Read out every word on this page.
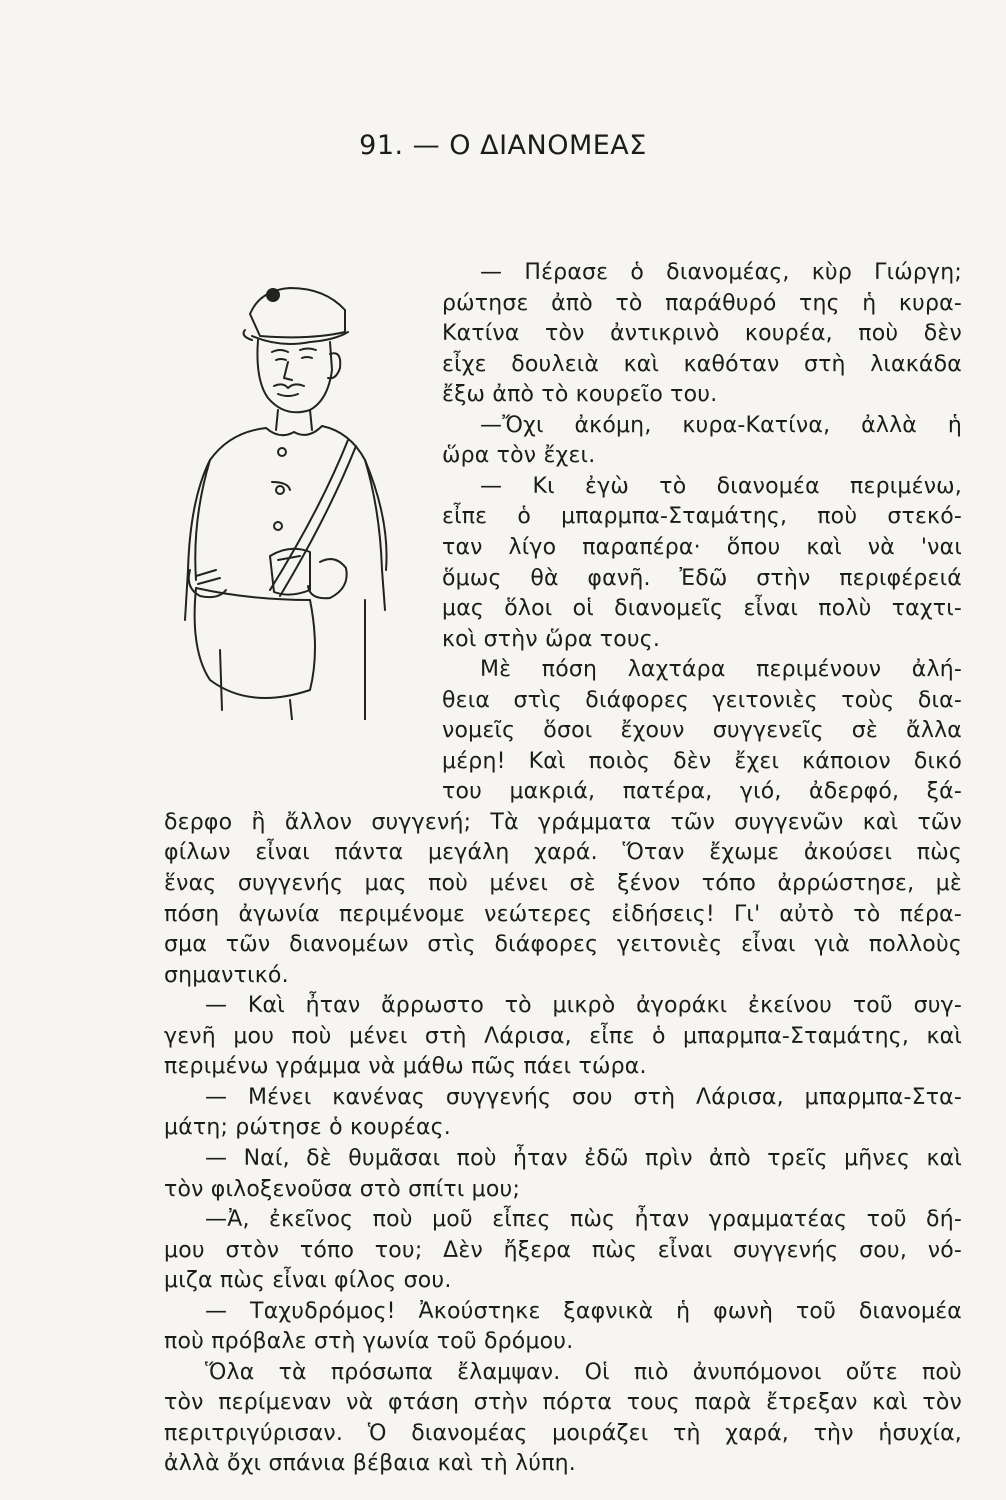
91. — Ο ΔΙΑΝΟΜΕΑΣ
— Πέρασε ὁ διανομέας, κὺρ Γιώργη;
ρώτησε ἀπὸ τὸ παράθυρό της ἡ κυρα-
Κατίνα τὸν ἀντικρινὸ κουρέα, ποὺ δὲν
εἶχε δουλειὰ καὶ καθόταν στὴ λιακάδα
ἔξω ἀπὸ τὸ κουρεῖο του.
—Ὄχι ἀκόμη, κυρα-Κατίνα, ἀλλὰ ἡ
ὥρα τὸν ἔχει.
— Κι ἐγὼ τὸ διανομέα περιμένω,
εἶπε ὁ μπαρμπα-Σταμάτης, ποὺ στεκό-
ταν λίγο παραπέρα· ὅπου καὶ νὰ 'ναι
ὅμως θὰ φανῆ. Ἐδῶ στὴν περιφέρειά
μας ὅλοι οἱ διανομεῖς εἶναι πολὺ ταχτι-
κοὶ στὴν ὥρα τους.
Μὲ πόση λαχτάρα περιμένουν ἀλή-
θεια στὶς διάφορες γειτονιὲς τοὺς δια-
νομεῖς ὅσοι ἔχουν συγγενεῖς σὲ ἄλλα
μέρη! Καὶ ποιὸς δὲν ἔχει κάποιον δικό
του μακριά, πατέρα, γιό, ἀδερφό, ξά-
δερφο ἢ ἄλλον συγγενή; Τὰ γράμματα τῶν συγγενῶν καὶ τῶν
φίλων εἶναι πάντα μεγάλη χαρά. Ὅταν ἔχωμε ἀκούσει πὼς
ἕνας συγγενής μας ποὺ μένει σὲ ξένον τόπο ἀρρώστησε, μὲ
πόση ἀγωνία περιμένομε νεώτερες εἰδήσεις! Γι' αὐτὸ τὸ πέρα-
σμα τῶν διανομέων στὶς διάφορες γειτονιὲς εἶναι γιὰ πολλοὺς
σημαντικό.
— Καὶ ἦταν ἄρρωστο τὸ μικρὸ ἀγοράκι ἐκείνου τοῦ συγ-
γενῆ μου ποὺ μένει στὴ Λάρισα, εἶπε ὁ μπαρμπα-Σταμάτης, καὶ
περιμένω γράμμα νὰ μάθω πῶς πάει τώρα.
— Μένει κανένας συγγενής σου στὴ Λάρισα, μπαρμπα-Στα-
μάτη; ρώτησε ὁ κουρέας.
— Ναί, δὲ θυμᾶσαι ποὺ ἦταν ἐδῶ πρὶν ἀπὸ τρεῖς μῆνες καὶ
τὸν φιλοξενοῦσα στὸ σπίτι μου;
—Ἀ, ἐκεῖνος ποὺ μοῦ εἶπες πὼς ἦταν γραμματέας τοῦ δή-
μου στὸν τόπο του; Δὲν ἤξερα πὼς εἶναι συγγενής σου, νό-
μιζα πὼς εἶναι φίλος σου.
— Ταχυδρόμος! Ἀκούστηκε ξαφνικὰ ἡ φωνὴ τοῦ διανομέα
ποὺ πρόβαλε στὴ γωνία τοῦ δρόμου.
Ὅλα τὰ πρόσωπα ἔλαμψαν. Οἱ πιὸ ἀνυπόμονοι οὔτε ποὺ
τὸν περίμεναν νὰ φτάση στὴν πόρτα τους παρὰ ἔτρεξαν καὶ τὸν
περιτριγύρισαν. Ὁ διανομέας μοιράζει τὴ χαρά, τὴν ἡσυχία,
ἀλλὰ ὄχι σπάνια βέβαια καὶ τὴ λύπη.
